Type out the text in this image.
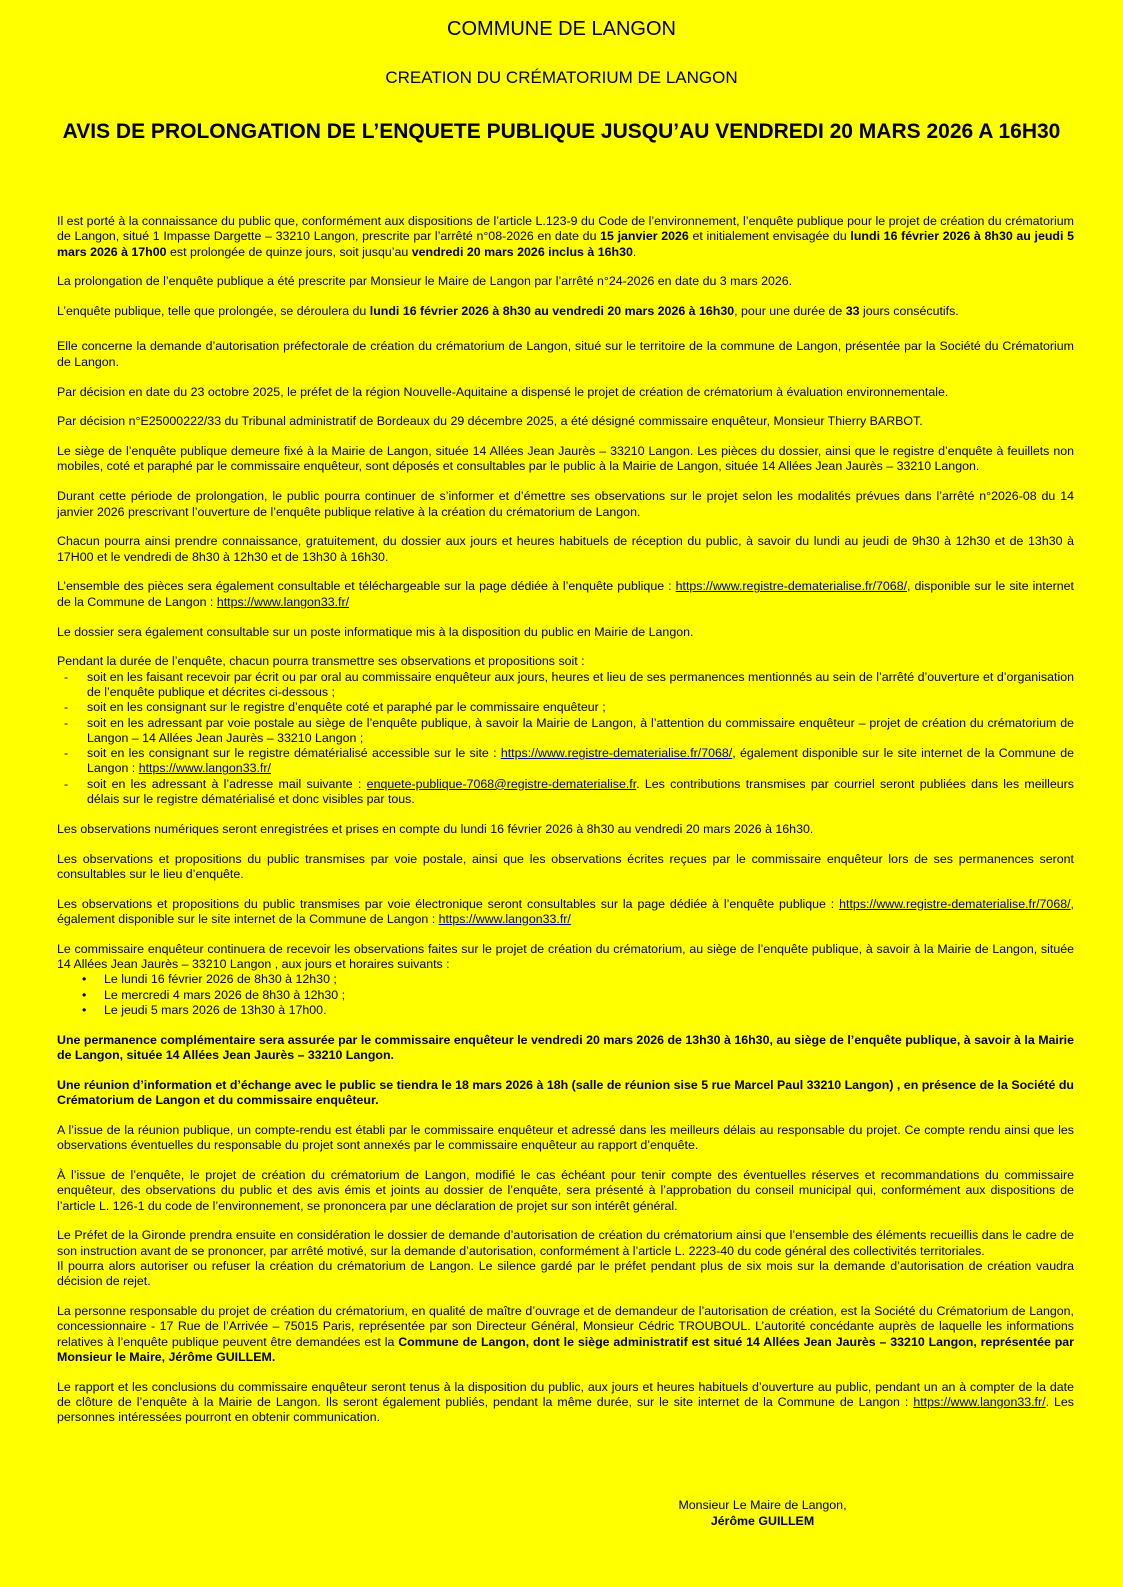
COMMUNE DE LANGON
CREATION DU CRÉMATORIUM DE LANGON
AVIS DE PROLONGATION DE L’ENQUETE PUBLIQUE JUSQU’AU VENDREDI 20 MARS 2026 A 16H30

Il est porté à la connaissance du public que, conformément aux dispositions de l’article L.123-9 du Code de l’environnement, l’enquête publique pour le projet de création du crématorium de Langon, situé 1 Impasse Dargette – 33210 Langon, prescrite par l’arrêté n°08-2026 en date du 15 janvier 2026 et initialement envisagée du lundi 16 février 2026 à 8h30 au jeudi 5 mars 2026 à 17h00 est prolongée de quinze jours, soit jusqu’au vendredi 20 mars 2026 inclus à 16h30.

La prolongation de l’enquête publique a été prescrite par Monsieur le Maire de Langon par l’arrêté n°24-2026 en date du 3 mars 2026.

L’enquête publique, telle que prolongée, se déroulera du lundi 16 février 2026 à 8h30 au vendredi 20 mars 2026 à 16h30, pour une durée de 33 jours consécutifs.

Elle concerne la demande d’autorisation préfectorale de création du crématorium de Langon, situé sur le territoire de la commune de Langon, présentée par la Société du Crématorium de Langon.

Par décision en date du 23 octobre 2025, le préfet de la région Nouvelle-Aquitaine a dispensé le projet de création de crématorium à évaluation environnementale.

Par décision n°E25000222/33 du Tribunal administratif de Bordeaux du 29 décembre 2025, a été désigné commissaire enquêteur, Monsieur Thierry BARBOT.

Le siège de l’enquête publique demeure fixé à la Mairie de Langon, située 14 Allées Jean Jaurès – 33210 Langon. Les pièces du dossier, ainsi que le registre d’enquête à feuillets non mobiles, coté et paraphé par le commissaire enquêteur, sont déposés et consultables par le public à la Mairie de Langon, située 14 Allées Jean Jaurès – 33210 Langon.

Durant cette période de prolongation, le public pourra continuer de s’informer et d’émettre ses observations sur le projet selon les modalités prévues dans l’arrêté n°2026-08 du 14 janvier 2026 prescrivant l’ouverture de l’enquête publique relative à la création du crématorium de Langon.

Chacun pourra ainsi prendre connaissance, gratuitement, du dossier aux jours et heures habituels de réception du public, à savoir du lundi au jeudi de 9h30 à 12h30 et de 13h30 à 17H00 et le vendredi de 8h30 à 12h30 et de 13h30 à 16h30.

L’ensemble des pièces sera également consultable et téléchargeable sur la page dédiée à l’enquête publique : https://www.registre-dematerialise.fr/7068/, disponible sur le site internet de la Commune de Langon : https://www.langon33.fr/

Le dossier sera également consultable sur un poste informatique mis à la disposition du public en Mairie de Langon.

Pendant la durée de l’enquête, chacun pourra transmettre ses observations et propositions soit :

- soit en les faisant recevoir par écrit ou par oral au commissaire enquêteur aux jours, heures et lieu de ses permanences mentionnés au sein de l’arrêté d’ouverture et d’organisation de l’enquête publique et décrites ci-dessous ;
- soit en les consignant sur le registre d’enquête coté et paraphé par le commissaire enquêteur ;
- soit en les adressant par voie postale au siège de l’enquête publique, à savoir la Mairie de Langon, à l’attention du commissaire enquêteur – projet de création du crématorium de Langon – 14 Allées Jean Jaurès – 33210 Langon ;
- soit en les consignant sur le registre dématérialisé accessible sur le site : https://www.registre-dematerialise.fr/7068/, également disponible sur le site internet de la Commune de Langon : https://www.langon33.fr/
- soit en les adressant à l’adresse mail suivante : enquete-publique-7068@registre-dematerialise.fr. Les contributions transmises par courriel seront publiées dans les meilleurs délais sur le registre dématérialisé et donc visibles par tous.

Les observations numériques seront enregistrées et prises en compte du lundi 16 février 2026 à 8h30 au vendredi 20 mars 2026 à 16h30.

Les observations et propositions du public transmises par voie postale, ainsi que les observations écrites reçues par le commissaire enquêteur lors de ses permanences seront consultables sur le lieu d’enquête.

Les observations et propositions du public transmises par voie électronique seront consultables sur la page dédiée à l’enquête publique : https://www.registre-dematerialise.fr/7068/, également disponible sur le site internet de la Commune de Langon : https://www.langon33.fr/

Le commissaire enquêteur continuera de recevoir les observations faites sur le projet de création du crématorium, au siège de l’enquête publique, à savoir à la Mairie de Langon, située 14 Allées Jean Jaurès – 33210 Langon , aux jours et horaires suivants :

• Le lundi 16 février 2026 de 8h30 à 12h30 ;
• Le mercredi 4 mars 2026 de 8h30 à 12h30 ;
• Le jeudi 5 mars 2026 de 13h30 à 17h00.

Une permanence complémentaire sera assurée par le commissaire enquêteur le vendredi 20 mars 2026 de 13h30 à 16h30, au siège de l’enquête publique, à savoir à la Mairie de Langon, située 14 Allées Jean Jaurès – 33210 Langon.

Une réunion d’information et d’échange avec le public se tiendra le 18 mars 2026 à 18h (salle de réunion sise 5 rue Marcel Paul 33210 Langon) , en présence de la Société du Crématorium de Langon et du commissaire enquêteur.

A l’issue de la réunion publique, un compte-rendu est établi par le commissaire enquêteur et adressé dans les meilleurs délais au responsable du projet. Ce compte rendu ainsi que les observations éventuelles du responsable du projet sont annexés par le commissaire enquêteur au rapport d’enquête.

À l’issue de l’enquête, le projet de création du crématorium de Langon, modifié le cas échéant pour tenir compte des éventuelles réserves et recommandations du commissaire enquêteur, des observations du public et des avis émis et joints au dossier de l’enquête, sera présenté à l’approbation du conseil municipal qui, conformément aux dispositions de l’article L. 126-1 du code de l’environnement, se prononcera par une déclaration de projet sur son intérêt général.

Le Préfet de la Gironde prendra ensuite en considération le dossier de demande d’autorisation de création du crématorium ainsi que l’ensemble des éléments recueillis dans le cadre de son instruction avant de se prononcer, par arrêté motivé, sur la demande d’autorisation, conformément à l’article L. 2223-40 du code général des collectivités territoriales.

Il pourra alors autoriser ou refuser la création du crématorium de Langon. Le silence gardé par le préfet pendant plus de six mois sur la demande d’autorisation de création vaudra décision de rejet.

La personne responsable du projet de création du crématorium, en qualité de maître d’ouvrage et de demandeur de l’autorisation de création, est la Société du Crématorium de Langon, concessionnaire - 17 Rue de l’Arrivée – 75015 Paris, représentée par son Directeur Général, Monsieur Cédric TROUBOUL. L’autorité concédante auprès de laquelle les informations relatives à l’enquête publique peuvent être demandées est la Commune de Langon, dont le siège administratif est situé 14 Allées Jean Jaurès – 33210 Langon, représentée par Monsieur le Maire, Jérôme GUILLEM.

Le rapport et les conclusions du commissaire enquêteur seront tenus à la disposition du public, aux jours et heures habituels d’ouverture au public, pendant un an à compter de la date de clôture de l’enquête à la Mairie de Langon. Ils seront également publiés, pendant la même durée, sur le site internet de la Commune de Langon : https://www.langon33.fr/. Les personnes intéressées pourront en obtenir communication.

Monsieur Le Maire de Langon,
Jérôme GUILLEM
